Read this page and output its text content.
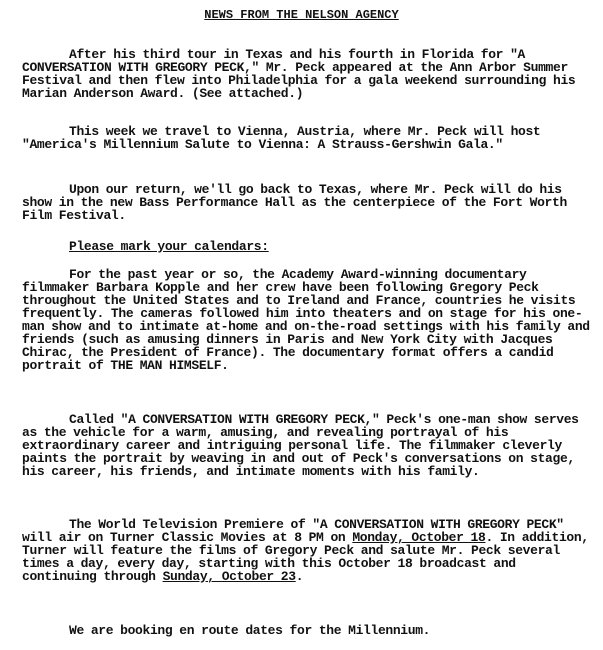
NEWS FROM THE NELSON AGENCY
After his third tour in Texas and his fourth in Florida for "A CONVERSATION WITH GREGORY PECK," Mr. Peck appeared at the Ann Arbor Summer Festival and then flew into Philadelphia for a gala weekend surrounding his Marian Anderson Award. (See attached.)
This week we travel to Vienna, Austria, where Mr. Peck will host "America's Millennium Salute to Vienna: A Strauss-Gershwin Gala."
Upon our return, we'll go back to Texas, where Mr. Peck will do his show in the new Bass Performance Hall as the centerpiece of the Fort Worth Film Festival.
Please mark your calendars:
For the past year or so, the Academy Award-winning documentary filmmaker Barbara Kopple and her crew have been following Gregory Peck throughout the United States and to Ireland and France, countries he visits frequently. The cameras followed him into theaters and on stage for his one-man show and to intimate at-home and on-the-road settings with his family and friends (such as amusing dinners in Paris and New York City with Jacques Chirac, the President of France). The documentary format offers a candid portrait of THE MAN HIMSELF.
Called "A CONVERSATION WITH GREGORY PECK," Peck's one-man show serves as the vehicle for a warm, amusing, and revealing portrayal of his extraordinary career and intriguing personal life. The filmmaker cleverly paints the portrait by weaving in and out of Peck's conversations on stage, his career, his friends, and intimate moments with his family.
The World Television Premiere of "A CONVERSATION WITH GREGORY PECK" will air on Turner Classic Movies at 8 PM on Monday, October 18. In addition, Turner will feature the films of Gregory Peck and salute Mr. Peck several times a day, every day, starting with this October 18 broadcast and continuing through Sunday, October 23.
We are booking en route dates for the Millennium.
